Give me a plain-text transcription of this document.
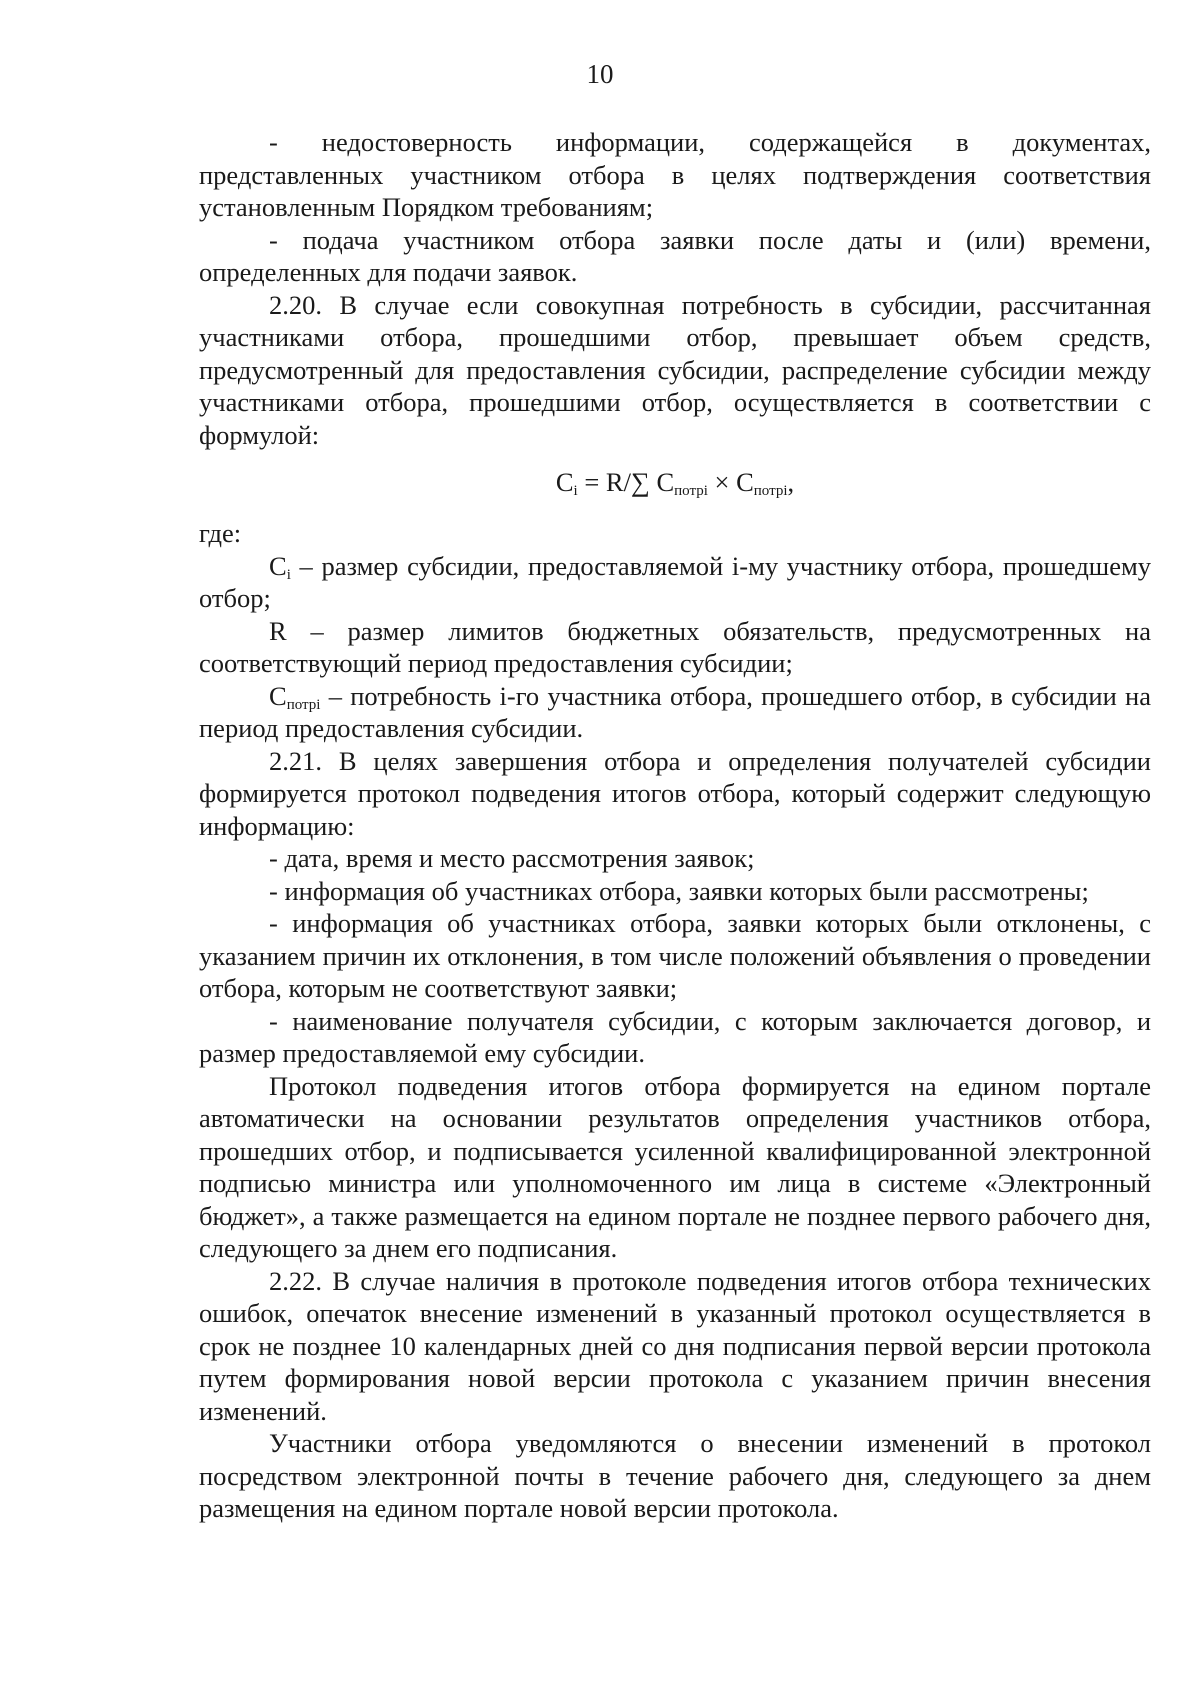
10

- недостоверность информации, содержащейся в документах, представленных участником отбора в целях подтверждения соответствия установленным Порядком требованиям;

- подача участником отбора заявки после даты и (или) времени, определенных для подачи заявок.

2.20. В случае если совокупная потребность в субсидии, рассчитанная участниками отбора, прошедшими отбор, превышает объем средств, предусмотренный для предоставления субсидии, распределение субсидии между участниками отбора, прошедшими отбор, осуществляется в соответствии с формулой:

$C_i = R/\sum$ $C_{потрi} \times C_{потрi}$,

где:

$C_i$ – размер субсидии, предоставляемой i-му участнику отбора, прошедшему отбор;

R – размер лимитов бюджетных обязательств, предусмотренных на соответствующий период предоставления субсидии;

$C_{потрi}$ – потребность i-го участника отбора, прошедшего отбор, в субсидии на период предоставления субсидии.

2.21. В целях завершения отбора и определения получателей субсидии формируется протокол подведения итогов отбора, который содержит следующую информацию:

- дата, время и место рассмотрения заявок;

- информация об участниках отбора, заявки которых были рассмотрены;

- информация об участниках отбора, заявки которых были отклонены, с указанием причин их отклонения, в том числе положений объявления о проведении отбора, которым не соответствуют заявки;

- наименование получателя субсидии, с которым заключается договор, и размер предоставляемой ему субсидии.

Протокол подведения итогов отбора формируется на едином портале автоматически на основании результатов определения участников отбора, прошедших отбор, и подписывается усиленной квалифицированной электронной подписью министра или уполномоченного им лица в системе «Электронный бюджет», а также размещается на едином портале не позднее первого рабочего дня, следующего за днем его подписания.

2.22. В случае наличия в протоколе подведения итогов отбора технических ошибок, опечаток внесение изменений в указанный протокол осуществляется в срок не позднее 10 календарных дней со дня подписания первой версии протокола путем формирования новой версии протокола с указанием причин внесения изменений.

Участники отбора уведомляются о внесении изменений в протокол посредством электронной почты в течение рабочего дня, следующего за днем размещения на едином портале новой версии протокола.
